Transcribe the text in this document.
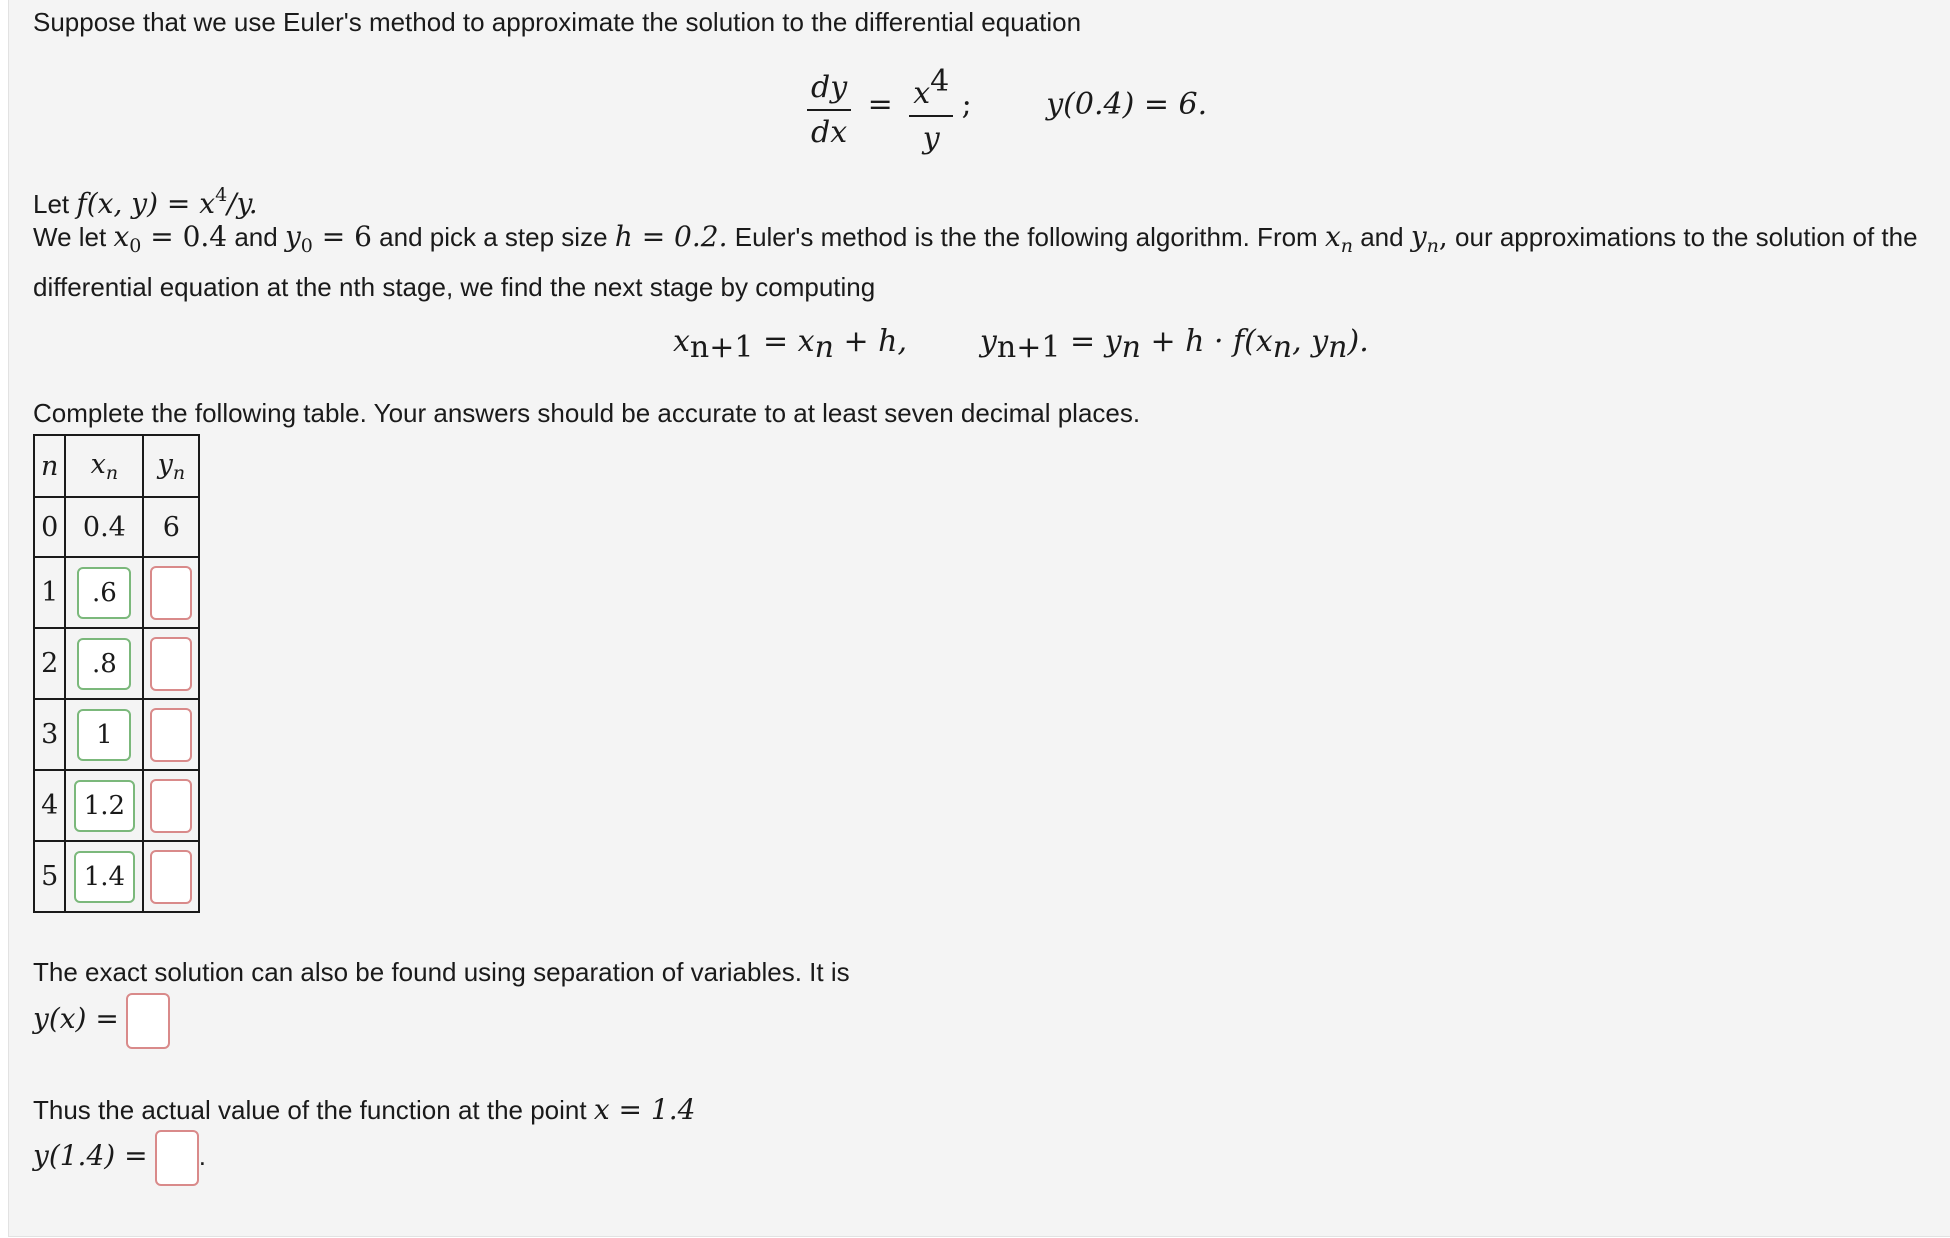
Suppose that we use Euler's method to approximate the solution to the differential equation
$\frac{dy}{dx} = \frac{x4}{y}$ ; y(0.4) = 6.
Let f(x, $y) = x^4/y$.
We let $x_0 = 0.4$ and $y_0 = 6$ and pick a step size h = 0.2. Euler's method is the the following algorithm. From $x_n$ and $y_n$, our approximations to the solution of the differential equation at the nth stage, we find the next stage by computing
xn+1 = xn + h, yn+1 = yn + h · f(xn, yn).
Complete the following table. Your answers should be accurate to at least seven decimal places.
n	$x_n$	$y_n$
0	0.4	6
1	.6	
2	.8	
3	1	
4	1.2	
5	1.4	
The exact solution can also be found using separation of variables. It is
y(x) =
Thus the actual value of the function at the point x = 1.4
y(1.4) = .
